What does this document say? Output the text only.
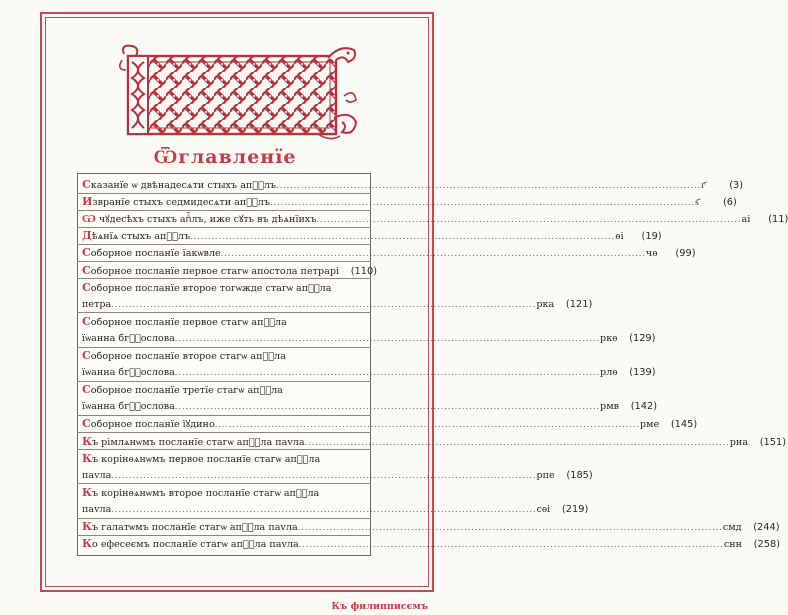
Ѿглавлeнїе
Сказанїе ѡ двѣнадесѧти стыхъ апⷭ҇лъ ........................................................................................................................ г҃	(3)
Изврaнїе стыхъ седмидесѧти апⷭ҇лъ ........................................................................................................................ ѕ҃	(6)
Ѡ чꙋдесѣхъ стыхъ апⷭ҇лъ, иже сꙋть въ дѣѧнїихъ ........................................................................................................................ аі	(11)
Дѣѧнїѧ стыхъ апⷭ҇лъ ........................................................................................................................ ѳі	(19)
Соборное посланїе ïакѡвле ........................................................................................................................ чѳ	(99)
Соборное посланїе пeрвое стагѡ апостола петра рі	(110)
Соборное посланїе второе тогѡжде стагѡ апⷭ҇ла
петра ........................................................................................................................ рка	(121)
Соборное посланїе пeрвое стагѡ апⷭ҇ла
ïѡанна бгⷭ҇ослова ........................................................................................................................ ркѳ	(129)
Соборное посланїе второе стагѡ апⷭ҇ла
ïѡанна бгⷭ҇ослова ........................................................................................................................ рлѳ	(139)
Соборное посланїе трeтїе стагѡ апⷭ҇ла
ïѡанна бгⷭ҇ослова ........................................................................................................................ рмв	(142)
Соборное посланїе їꙋдино ........................................................................................................................ рме	(145)
Къ рімлѧнѡмъ посланїе стагѡ апⷭ҇ла пavла ........................................................................................................................ рна	(151)
Къ корінѳѧнѡмъ пeрвое посланїе стагѡ апⷭ҇ла
пavла ........................................................................................................................ рпе	(185)
Къ корінѳѧнѡмъ второе посланїе стагѡ апⷭ҇ла
пavла ........................................................................................................................ сѳі	(219)
Къ галатѡмъ посланїе стагѡ апⷭ҇ла пavла ........................................................................................................................ смд	(244)
Ко ефесеємъ посланїе стагѡ апⷭ҇ла пavла ........................................................................................................................ снн	(258)
Къ филипписємъ
